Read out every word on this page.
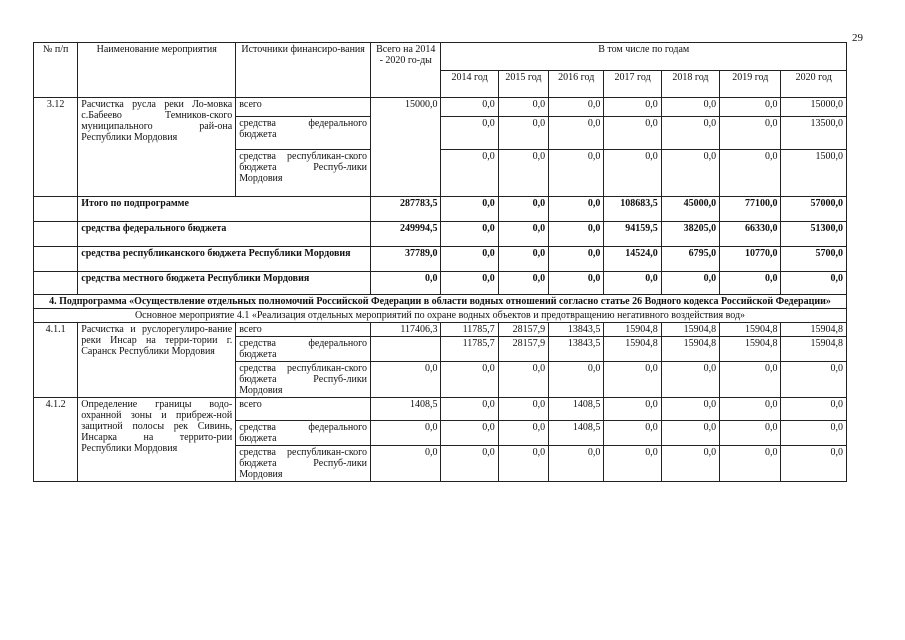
29
№ п/п	Наименование мероприятия	Источники финансиро-вания	Всего на 2014 - 2020 го-ды	В том числе по годам						
				2014 год	2015 год	2016 год	2017 год	2018 год	2019 год	2020 год
3.12	Расчистка русла реки Ло-мовка с.Бабеево Темников-ского муниципального рай-она Республики Мордовия	всего	15000,0	0,0	0,0	0,0	0,0	0,0	0,0	15000,0
		средства федерального бюджета		0,0	0,0	0,0	0,0	0,0	0,0	13500,0
		средства республикан-ского бюджета Респуб-лики Мордовия		0,0	0,0	0,0	0,0	0,0	0,0	1500,0
	Итого по подпрограмме		287783,5	0,0	0,0	0,0	108683,5	45000,0	77100,0	57000,0
	средства федерального бюджета		249994,5	0,0	0,0	0,0	94159,5	38205,0	66330,0	51300,0
	средства республиканского бюджета Республики Мордовия		37789,0	0,0	0,0	0,0	14524,0	6795,0	10770,0	5700,0
	средства местного бюджета Республики Мордовия		0,0	0,0	0,0	0,0	0,0	0,0	0,0	0,0
4. Подпрограмма «Осуществление отдельных полномочий Российской Федерации в области водных отношений согласно статье 26 Водного кодекса Российской Федерации»										
Основное мероприятие 4.1 «Реализация отдельных мероприятий по охране водных объектов и предотвращению негативного воздействия вод»										
4.1.1	Расчистка и руслорегулиро-вание реки Инсар на терри-тории г. Саранск Республики Мордовия	всего	117406,3	11785,7	28157,9	13843,5	15904,8	15904,8	15904,8	15904,8
		средства федерального бюджета		11785,7	28157,9	13843,5	15904,8	15904,8	15904,8	15904,8
		средства республикан-ского бюджета Респуб-лики Мордовия	0,0	0,0	0,0	0,0	0,0	0,0	0,0	0,0
4.1.2	Определение границы водо-охранной зоны и прибреж-ной защитной полосы рек Сивинь, Инсарка на террито-рии Республики Мордовия	всего	1408,5	0,0	0,0	1408,5	0,0	0,0	0,0	0,0
		средства федерального бюджета	0,0	0,0	0,0	1408,5	0,0	0,0	0,0	0,0
		средства республикан-ского бюджета Респуб-лики Мордовия	0,0	0,0	0,0	0,0	0,0	0,0	0,0	0,0
